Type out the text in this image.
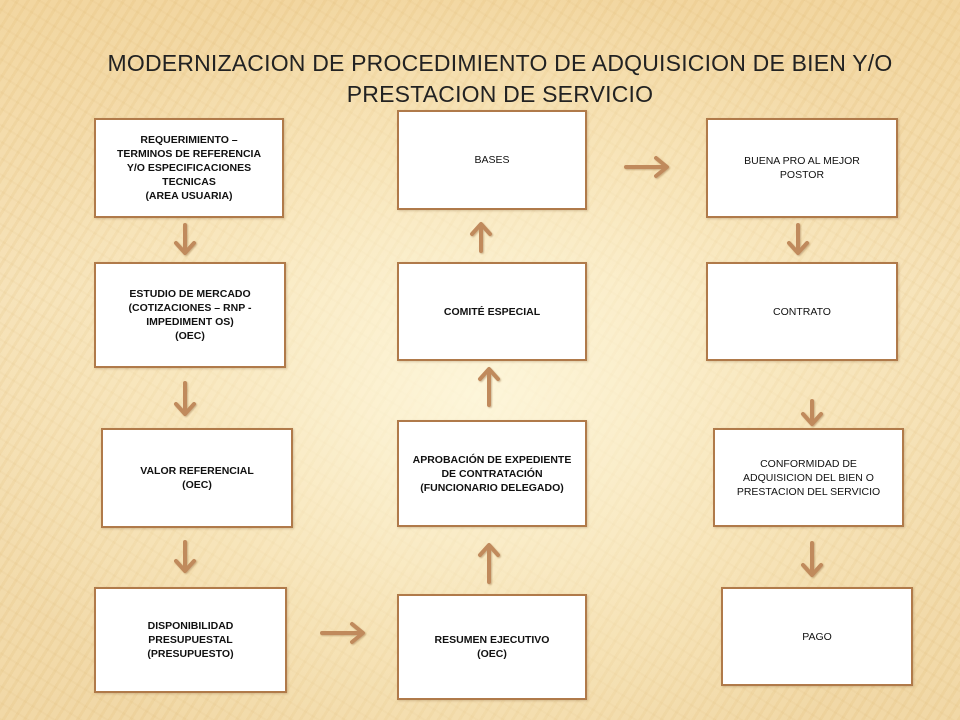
MODERNIZACION DE PROCEDIMIENTO DE ADQUISICION DE BIEN Y/O PRESTACION DE SERVICIO
REQUERIMIENTO –
TERMINOS DE REFERENCIA
Y/O ESPECIFICACIONES
TECNICAS
(AREA USUARIA)
ESTUDIO DE MERCADO
(COTIZACIONES – RNP -
IMPEDIMENT OS)
(OEC)
VALOR REFERENCIAL
(OEC)
DISPONIBILIDAD
PRESUPUESTAL
(PRESUPUESTO)
BASES
COMITÉ ESPECIAL
APROBACIÓN DE EXPEDIENTE
DE CONTRATACIÓN
(FUNCIONARIO DELEGADO)
RESUMEN EJECUTIVO
(OEC)
BUENA PRO AL MEJOR
POSTOR
CONTRATO
CONFORMIDAD DE
ADQUISICION DEL BIEN O
PRESTACION DEL SERVICIO
PAGO
